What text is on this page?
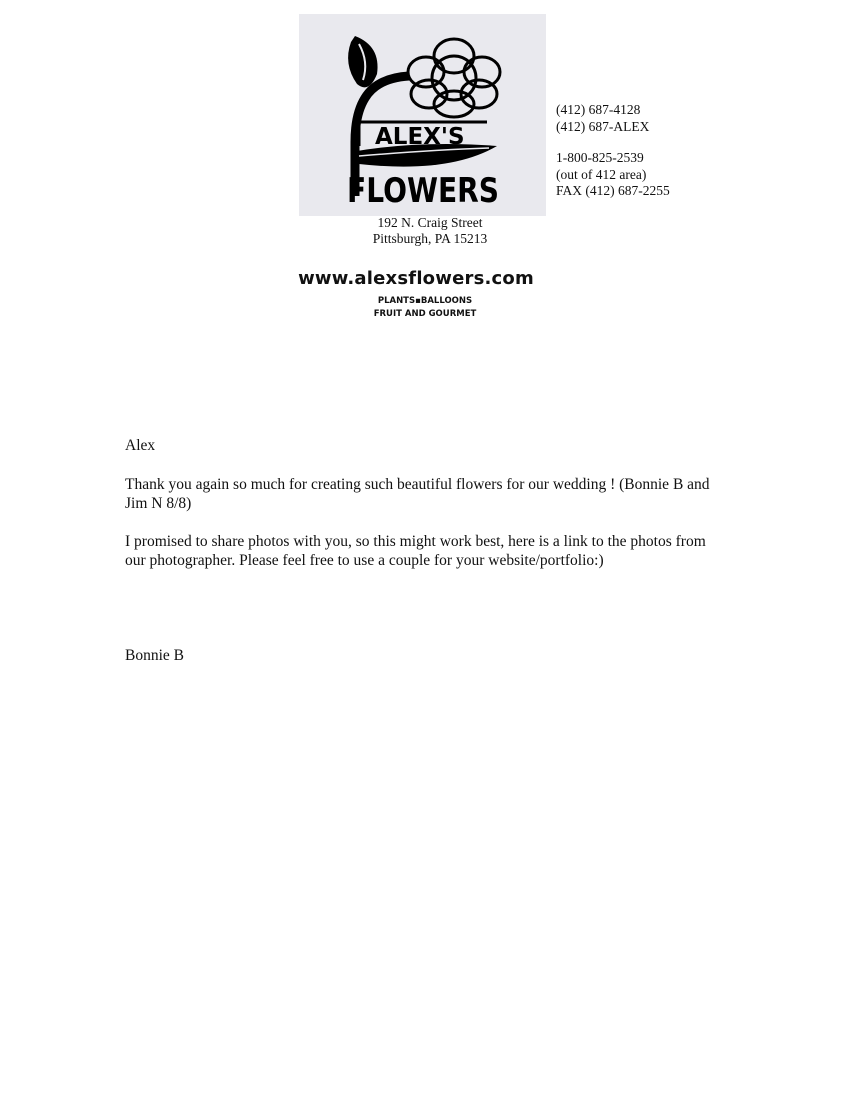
ALEX'S
FLOWERS
(412) 687-4128
(412) 687-ALEX
1-800-825-2539
(out of 412 area)
FAX (412) 687-2255
192 N. Craig Street
Pittsburgh, PA 15213
www.alexsflowers.com
PLANTS▪BALLOONS
FRUIT AND GOURMET

Alex

Thank you again so much for creating such beautiful flowers for our wedding ! (Bonnie B and Jim N 8/8)

I promised to share photos with you, so this might work best, here is a link to the photos from our photographer. Please feel free to use a couple for your website/portfolio:)

Bonnie B
